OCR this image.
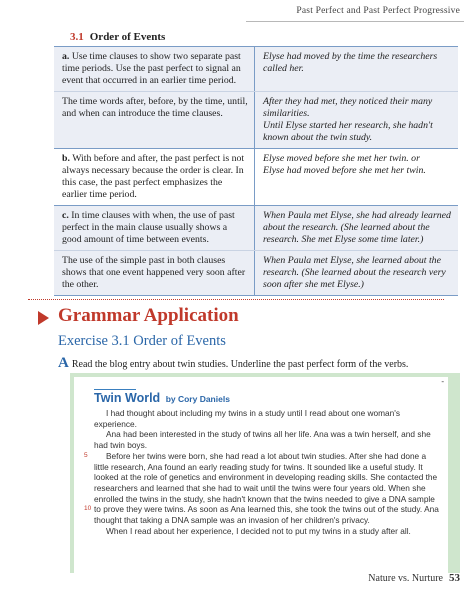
Past Perfect and Past Perfect Progressive
3.1 Order of Events
a. Use time clauses to show two separate past time periods. Use the past perfect to signal an event that occurred in an earlier time period.
Elyse had moved by the time the researchers called her.
The time words after, before, by the time, until, and when can introduce the time clauses.
After they had met, they noticed their many similarities.
Until Elyse started her research, she hadn't known about the twin study.
b. With before and after, the past perfect is not always necessary because the order is clear. In this case, the past perfect emphasizes the earlier time period.
Elyse moved before she met her twin. or
Elyse had moved before she met her twin.
c. In time clauses with when, the use of past perfect in the main clause usually shows a good amount of time between events.
When Paula met Elyse, she had already learned about the research. (She learned about the research. She met Elyse some time later.)
The use of the simple past in both clauses shows that one event happened very soon after the other.
When Paula met Elyse, she learned about the research. (She learned about the research very soon after she met Elyse.)
Grammar Application
Exercise 3.1 Order of Events
A Read the blog entry about twin studies. Underline the past perfect form of the verbs.
-
Twin World by Cory Daniels
5
10

I had thought about including my twins in a study until I read about one woman's experience.

Ana had been interested in the study of twins all her life. Ana was a twin herself, and she had twin boys.

Before her twins were born, she had read a lot about twin studies. After she had done a little research, Ana found an early reading study for twins. It sounded like a useful study. It looked at the role of genetics and environment in developing reading skills. She contacted the researchers and learned that she had to wait until the twins were four years old. When she enrolled the twins in the study, she hadn't known that the twins needed to give a DNA sample to prove they were twins. As soon as Ana learned this, she took the twins out of the study. Ana thought that taking a DNA sample was an invasion of her children's privacy.

When I read about her experience, I decided not to put my twins in a study after all.

Nature vs. Nurture 53
